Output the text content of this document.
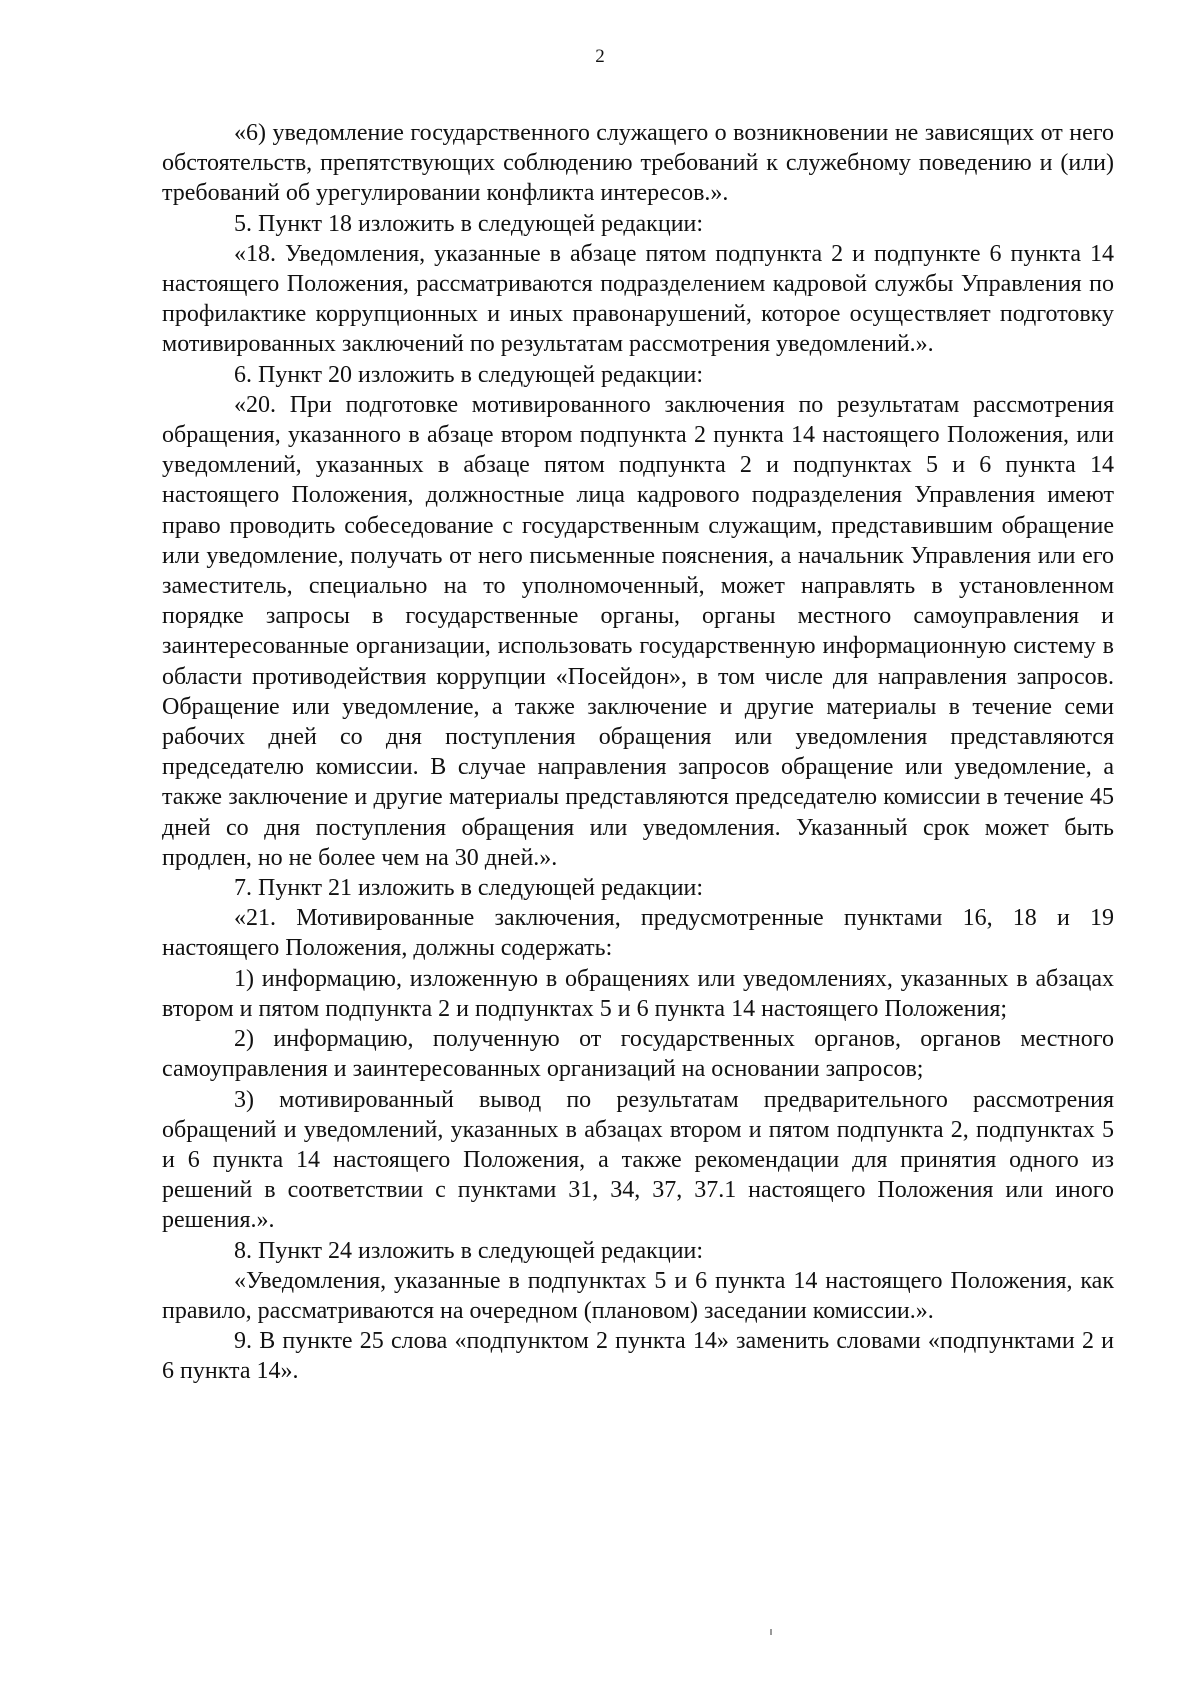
2

«6) уведомление государственного служащего о возникновении не зависящих от него обстоятельств, препятствующих соблюдению требований к служебному поведению и (или) требований об урегулировании конфликта интересов.».

5. Пункт 18 изложить в следующей редакции:

«18. Уведомления, указанные в абзаце пятом подпункта 2 и подпункте 6 пункта 14 настоящего Положения, рассматриваются подразделением кадровой службы Управления по профилактике коррупционных и иных правонарушений, которое осуществляет подготовку мотивированных заключений по результатам рассмотрения уведомлений.».

6. Пункт 20 изложить в следующей редакции:

«20. При подготовке мотивированного заключения по результатам рассмотрения обращения, указанного в абзаце втором подпункта 2 пункта 14 настоящего Положения, или уведомлений, указанных в абзаце пятом подпункта 2 и подпунктах 5 и 6 пункта 14 настоящего Положения, должностные лица кадрового подразделения Управления имеют право проводить собеседование с государственным служащим, представившим обращение или уведомление, получать от него письменные пояснения, а начальник Управления или его заместитель, специально на то уполномоченный, может направлять в установленном порядке запросы в государственные органы, органы местного самоуправления и заинтересованные организации, использовать государственную информационную систему в области противодействия коррупции «Посейдон», в том числе для направления запросов. Обращение или уведомление, а также заключение и другие материалы в течение семи рабочих дней со дня поступления обращения или уведомления представляются председателю комиссии. В случае направления запросов обращение или уведомление, а также заключение и другие материалы представляются председателю комиссии в течение 45 дней со дня поступления обращения или уведомления. Указанный срок может быть продлен, но не более чем на 30 дней.».

7. Пункт 21 изложить в следующей редакции:

«21. Мотивированные заключения, предусмотренные пунктами 16, 18 и 19 настоящего Положения, должны содержать:

1) информацию, изложенную в обращениях или уведомлениях, указанных в абзацах втором и пятом подпункта 2 и подпунктах 5 и 6 пункта 14 настоящего Положения;

2) информацию, полученную от государственных органов, органов местного самоуправления и заинтересованных организаций на основании запросов;

3) мотивированный вывод по результатам предварительного рассмотрения обращений и уведомлений, указанных в абзацах втором и пятом подпункта 2, подпунктах 5 и 6 пункта 14 настоящего Положения, а также рекомендации для принятия одного из решений в соответствии с пунктами 31, 34, 37, 37.1 настоящего Положения или иного решения.».

8. Пункт 24 изложить в следующей редакции:

«Уведомления, указанные в подпунктах 5 и 6 пункта 14 настоящего Положения, как правило, рассматриваются на очередном (плановом) заседании комиссии.».

9. В пункте 25 слова «подпунктом 2 пункта 14» заменить словами «подпунктами 2 и 6 пункта 14».
